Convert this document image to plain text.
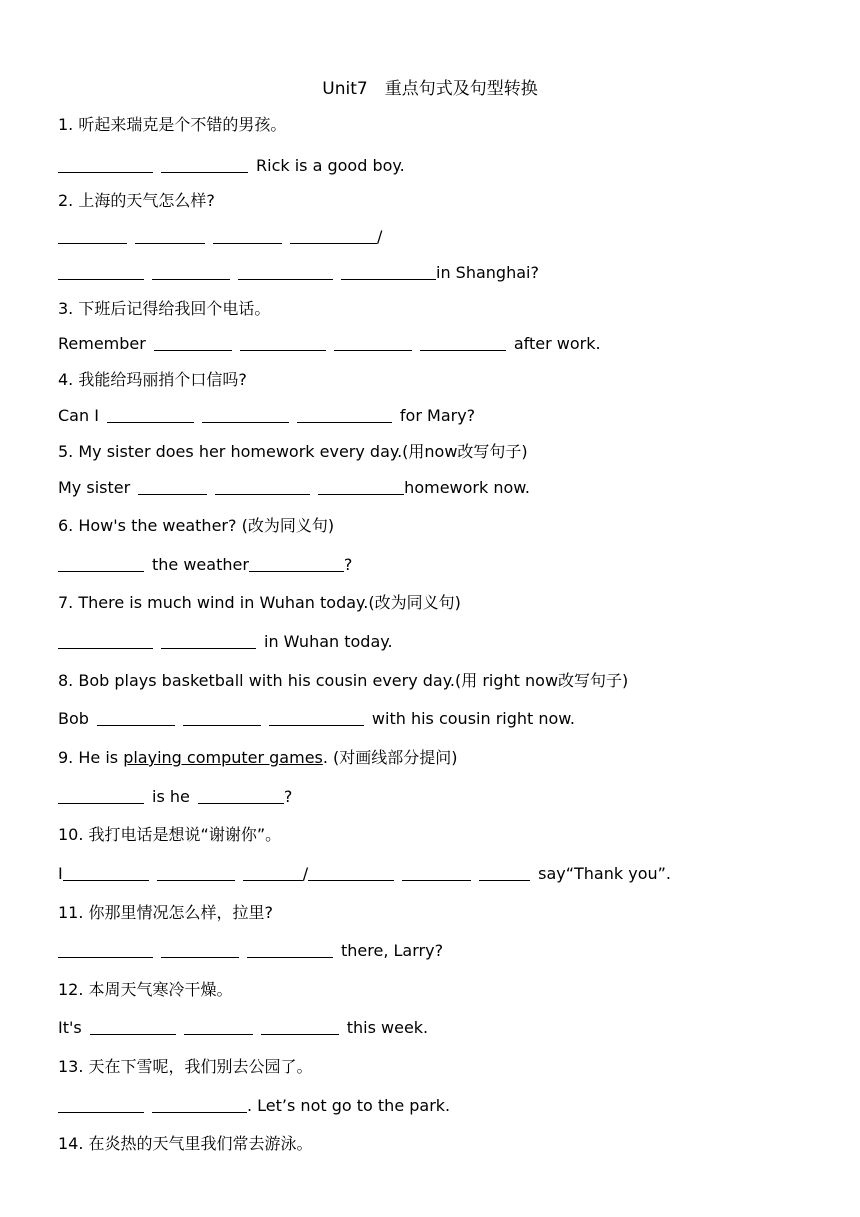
Unit7　重点句式及句型转换
1. 听起来瑞克是个不错的男孩。
Rick is a good boy.
2. 上海的天气怎么样?
/
in Shanghai?
3. 下班后记得给我回个电话。
Remember	after work.
4. 我能给玛丽捎个口信吗?
Can I	for Mary?
5. My sister does her homework every day.(用now改写句子)
My sister	homework now.
6. How's the weather? (改为同义句)
the weather	?
7. There is much wind in Wuhan today.(改为同义句)
in Wuhan today.
8. Bob plays basketball with his cousin every day.(用 right now改写句子)
Bob	with his cousin right now.
9. He is playing computer games. (对画线部分提问)
is he	?
10. 我打电话是想说“谢谢你”。
I	/	say“Thank you”.
11. 你那里情况怎么样，拉里?
there, Larry?
12. 本周天气寒冷干燥。
It's	this week.
13. 天在下雪呢，我们别去公园了。
. Let’s not go to the park.
14. 在炎热的天气里我们常去游泳。
